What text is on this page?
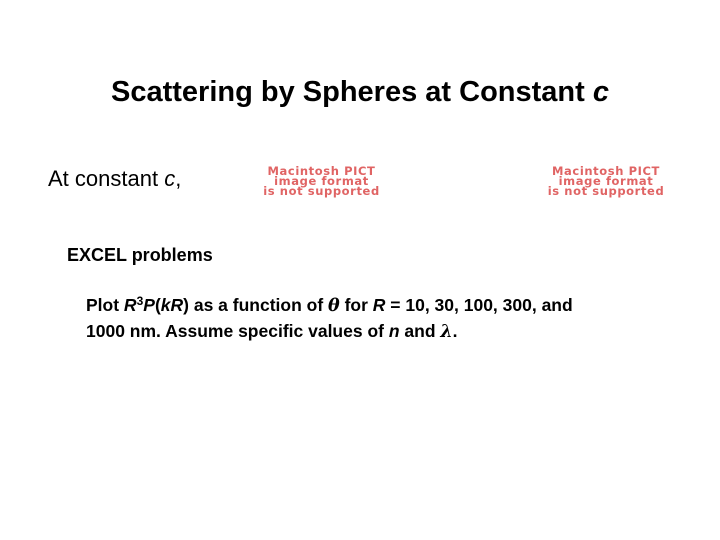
Scattering by Spheres at Constant c
At constant c,	Macintosh PICT
image format
is not supported
Macintosh PICT
image format
is not supported
EXCEL problems
Plot $R^3P(kR)$ as a function of θ for R = 10, 30, 100, 300, and
1000 nm. Assume specific values of n and λ.
